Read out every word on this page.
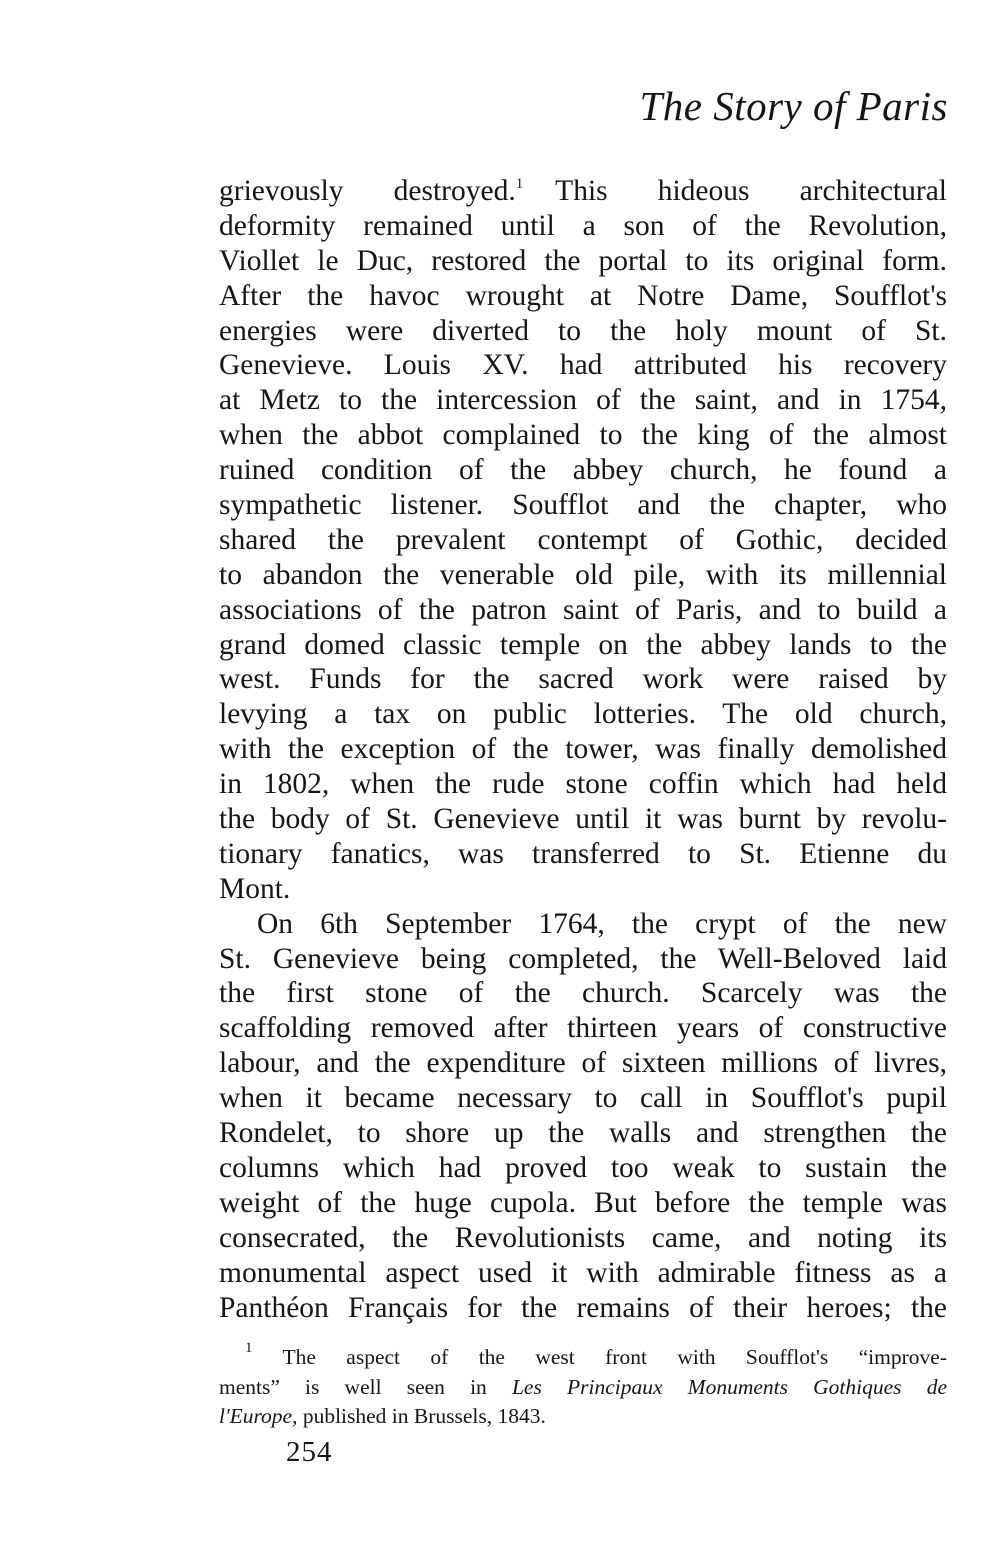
The Story of Paris
grievously destroyed.$^1$   This hideous architectural
deformity remained until a son of the Revolution,
Viollet le Duc, restored the portal to its original form.
After the havoc wrought at Notre Dame, Soufflot's
energies were diverted to the holy mount of St.
Genevieve. Louis XV. had attributed his recovery
at Metz to the intercession of the saint, and in 1754,
when the abbot complained to the king of the almost
ruined condition of the abbey church, he found a
sympathetic listener. Soufflot and the chapter, who
shared the prevalent contempt of Gothic, decided
to abandon the venerable old pile, with its millennial
associations of the patron saint of Paris, and to build a
grand domed classic temple on the abbey lands to the
west. Funds for the sacred work were raised by
levying a tax on public lotteries. The old church,
with the exception of the tower, was finally demolished
in 1802, when the rude stone coffin which had held
the body of St. Genevieve until it was burnt by revolu-
tionary fanatics, was transferred to St. Etienne du
Mont.
On 6th September 1764, the crypt of the new
St. Genevieve being completed, the Well-Beloved laid
the first stone of the church. Scarcely was the
scaffolding removed after thirteen years of constructive
labour, and the expenditure of sixteen millions of livres,
when it became necessary to call in Soufflot's pupil
Rondelet, to shore up the walls and strengthen the
columns which had proved too weak to sustain the
weight of the huge cupola. But before the temple was
consecrated, the Revolutionists came, and noting its
monumental aspect used it with admirable fitness as a
Panthéon Français for the remains of their heroes; the
$^1$ The aspect of the west front with Soufflot's “improve-
ments” is well seen in Les Principaux Monuments Gothiques de
l'Europe, published in Brussels, 1843.
254
